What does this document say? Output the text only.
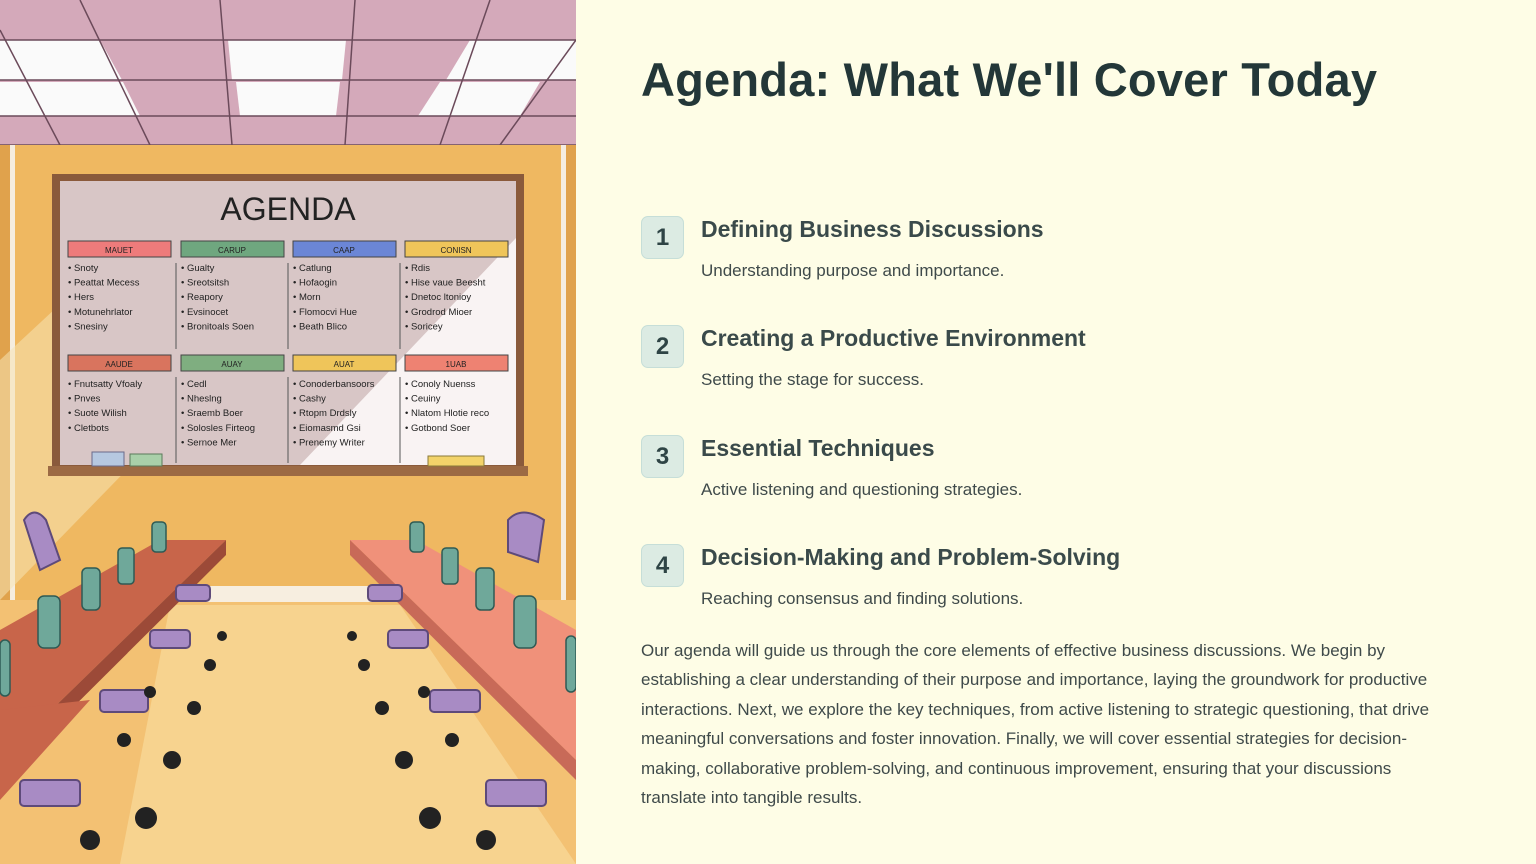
AGENDA
MAUET
• Snoty
• Peattat Mecess
• Hers
• Motunehrlator
• Snesiny
CARUP
• Gualty
• Sreotsitsh
• Reapory
• Evsinocet
• Bronitoals Soen
CAAP
• Catlung
• Hofaogin
• Morn
• Flomocvi Hue
• Beath Blico
CONISN
• Rdis
• Hise vaue Beesht
• Dnetoc ltonioy
• Grodrod Mioer
• Soricey
AAUDE
• Fnutsatty Vfoaly
• Pnves
• Suote Wilish
• Cletbots
AUAY
• Cedl
• Nheslng
• Sraemb Boer
• Solosles Firteog
• Sernoe Mer
AUAT
• Conoderbansoors
• Cashy
• Rtopm Drdsly
• Eiomasmd Gsi
• Prenemy Writer
1UAB
• Conoly Nuenss
• Ceuiny
• Nlatom Hlotie reco
• Gotbond Soer
Agenda: What We'll Cover Today
1	Defining Business Discussions
Understanding purpose and importance.
2	Creating a Productive Environment
Setting the stage for success.
3	Essential Techniques
Active listening and questioning strategies.
4	Decision-Making and Problem-Solving
Reaching consensus and finding solutions.

Our agenda will guide us through the core elements of effective business discussions. We begin by establishing a clear understanding of their purpose and importance, laying the groundwork for productive interactions. Next, we explore the key techniques, from active listening to strategic questioning, that drive meaningful conversations and foster innovation. Finally, we will cover essential strategies for decision-making, collaborative problem-solving, and continuous improvement, ensuring that your discussions translate into tangible results.
